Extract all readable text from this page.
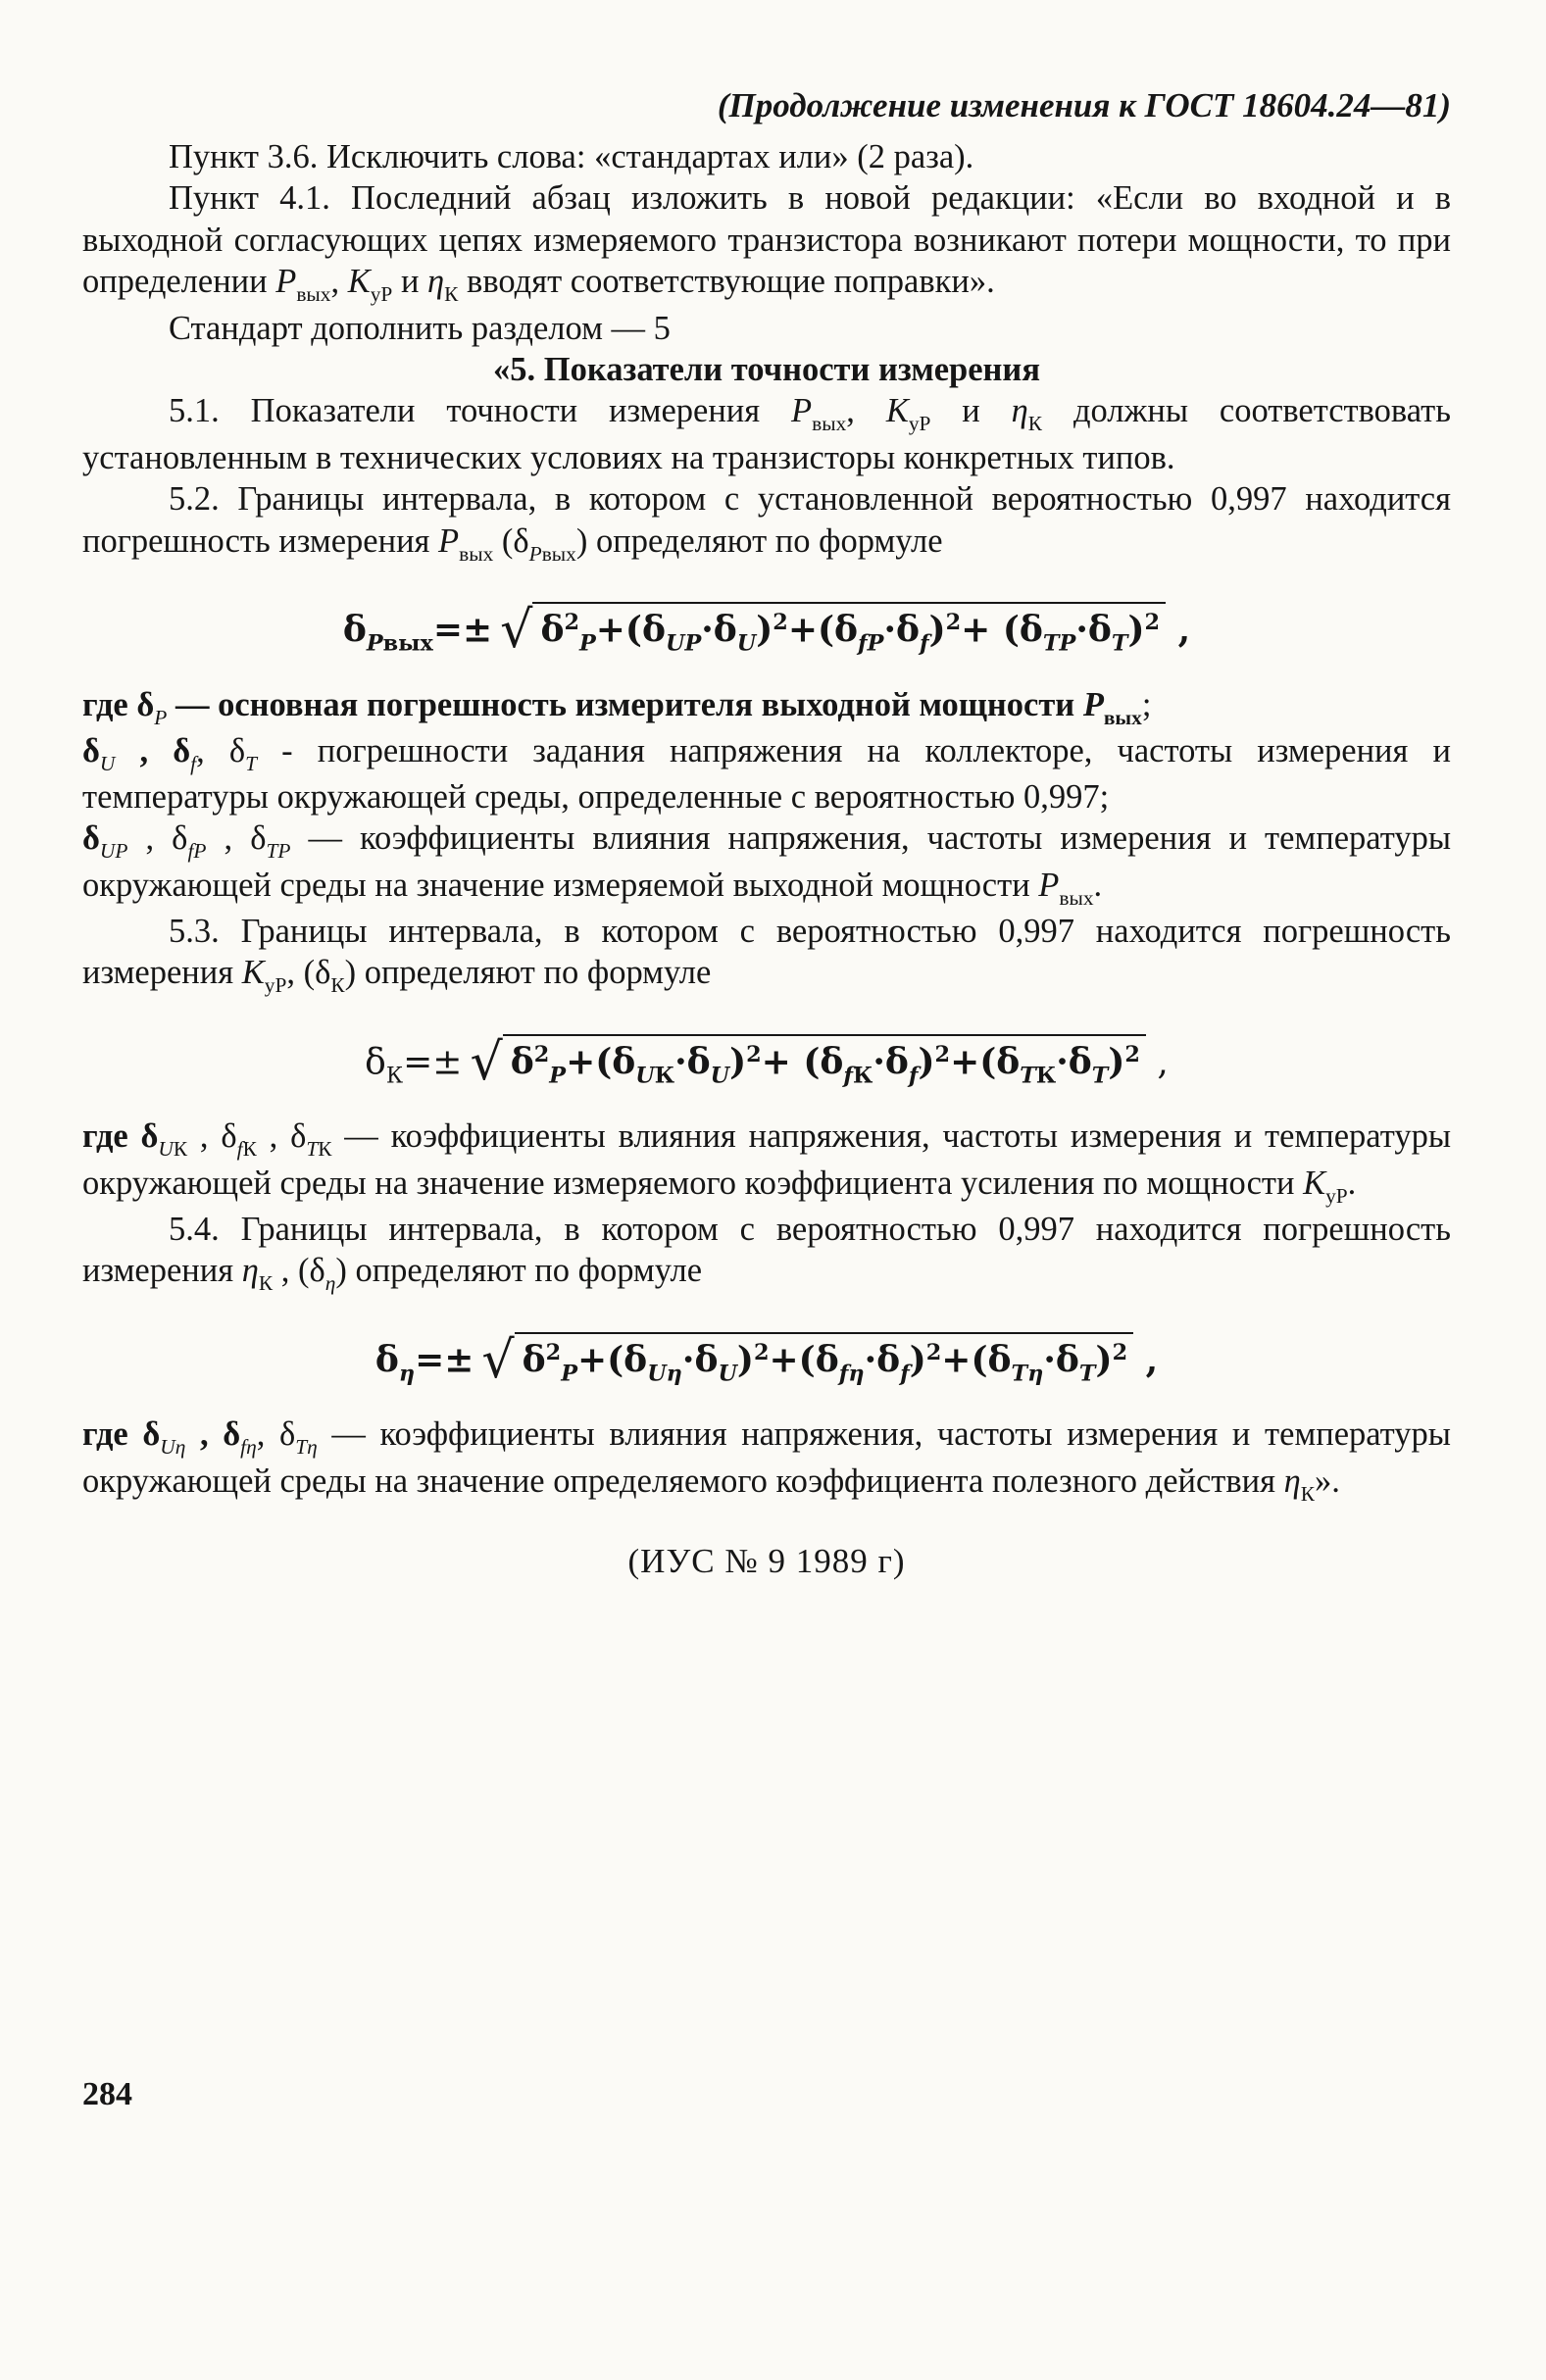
(Продолжение изменения к ГОСТ 18604.24—81)

Пункт 3.6. Исключить слова: «стандартах или» (2 раза).

Пункт 4.1. Последний абзац изложить в новой редакции: «Если во входной и в выходной согласующих цепях измеряемого транзистора возникают потери мощности, то при определении $P_{вых}$, $K_{уP}$ и $\eta_К$ вводят соответствующие поправки».

Стандарт дополнить разделом — 5

«5. Показатели точности измерения

5.1. Показатели точности измерения $P_{вых}$, $K_{уP}$ и $\eta_К$ должны соответствовать установленным в технических условиях на транзисторы конкретных типов.

5.2. Границы интервала, в котором с установленной вероятностью 0,997 находится погрешность измерения $P_{вых}$ $(\delta_{Pвых})$ определяют по формуле

$\delta_{Pвых}=\pm$ √ $\delta^2_P+(\delta_{UP}\cdot\delta_U)^2+(\delta_{fP}\cdot\delta_f)^2+ (\delta_{TP}\cdot\delta_T)^2$ ,

где $\delta_P$ — основная погрешность измерителя выходной мощности $P_{вых}$;

$\delta_U$ , $\delta_f$, $\delta_T$ - погрешности задания напряжения на коллекторе, частоты измерения и температуры окружающей среды, определенные с вероятностью 0,997;

$\delta_{UP}$ , $\delta_{fP}$ , $\delta_{TP}$ — коэффициенты влияния напряжения, частоты измерения и температуры окружающей среды на значение измеряемой выходной мощности $P_{вых}$.

5.3. Границы интервала, в котором с вероятностью 0,997 находится погрешность измерения $K_{уP}$, $(\delta_К)$ определяют по формуле

$\delta_К=\pm$ √ $\delta^2_P+(\delta_{UК}\cdot\delta_U)^2+ (\delta_{fК}\cdot\delta_f)^2+(\delta_{TК}\cdot\delta_T)^2$ ,

где $\delta_{UК}$ , $\delta_{fК}$ , $\delta_{TК}$ — коэффициенты влияния напряжения, частоты измерения и температуры окружающей среды на значение измеряемого коэффициента усиления по мощности $K_{уP}$.

5.4. Границы интервала, в котором с вероятностью 0,997 находится погрешность измерения $\eta_К$ , $(\delta_\eta)$ определяют по формуле

$\delta_\eta=\pm$ √ $\delta^2_P+(\delta_{U\eta}\cdot\delta_U)^2+(\delta_{f\eta}\cdot\delta_f)^2+(\delta_{T\eta}\cdot\delta_T)^2$ ,

где $\delta_{U\eta}$ , $\delta_{f\eta}$, $\delta_{T\eta}$ — коэффициенты влияния напряжения, частоты измерения и температуры окружающей среды на значение определяемого коэффициента полезного действия $\eta_К$».

(ИУС № 9 1989 г)

284
